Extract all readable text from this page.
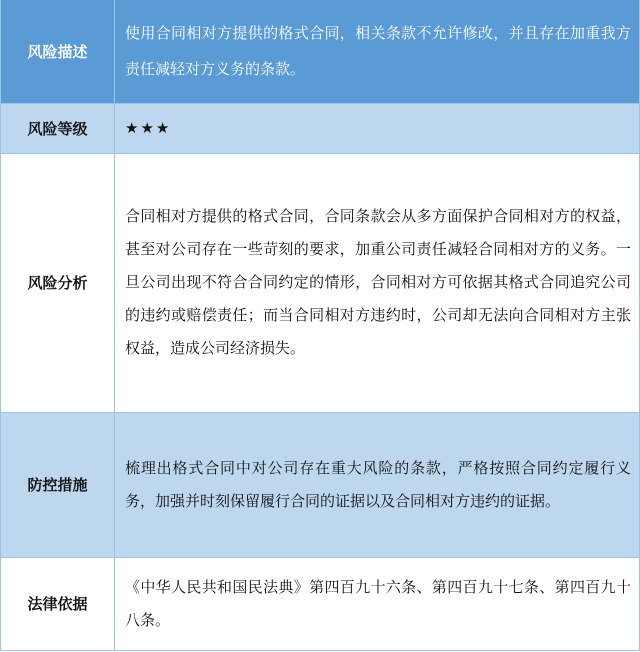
风险描述	使用合同相对方提供的格式合同，相关条款不允许修改，并且存在加重我方责任减轻对方义务的条款。
风险等级	★★★
风险分析	合同相对方提供的格式合同，合同条款会从多方面保护合同相对方的权益，甚至对公司存在一些苛刻的要求，加重公司责任减轻合同相对方的义务。一旦公司出现不符合合同约定的情形，合同相对方可依据其格式合同追究公司的违约或赔偿责任；而当合同相对方违约时，公司却无法向合同相对方主张权益，造成公司经济损失。
防控措施	梳理出格式合同中对公司存在重大风险的条款，严格按照合同约定履行义务，加强并时刻保留履行合同的证据以及合同相对方违约的证据。
法律依据	《中华人民共和国民法典》第四百九十六条、第四百九十七条、第四百九十八条。
